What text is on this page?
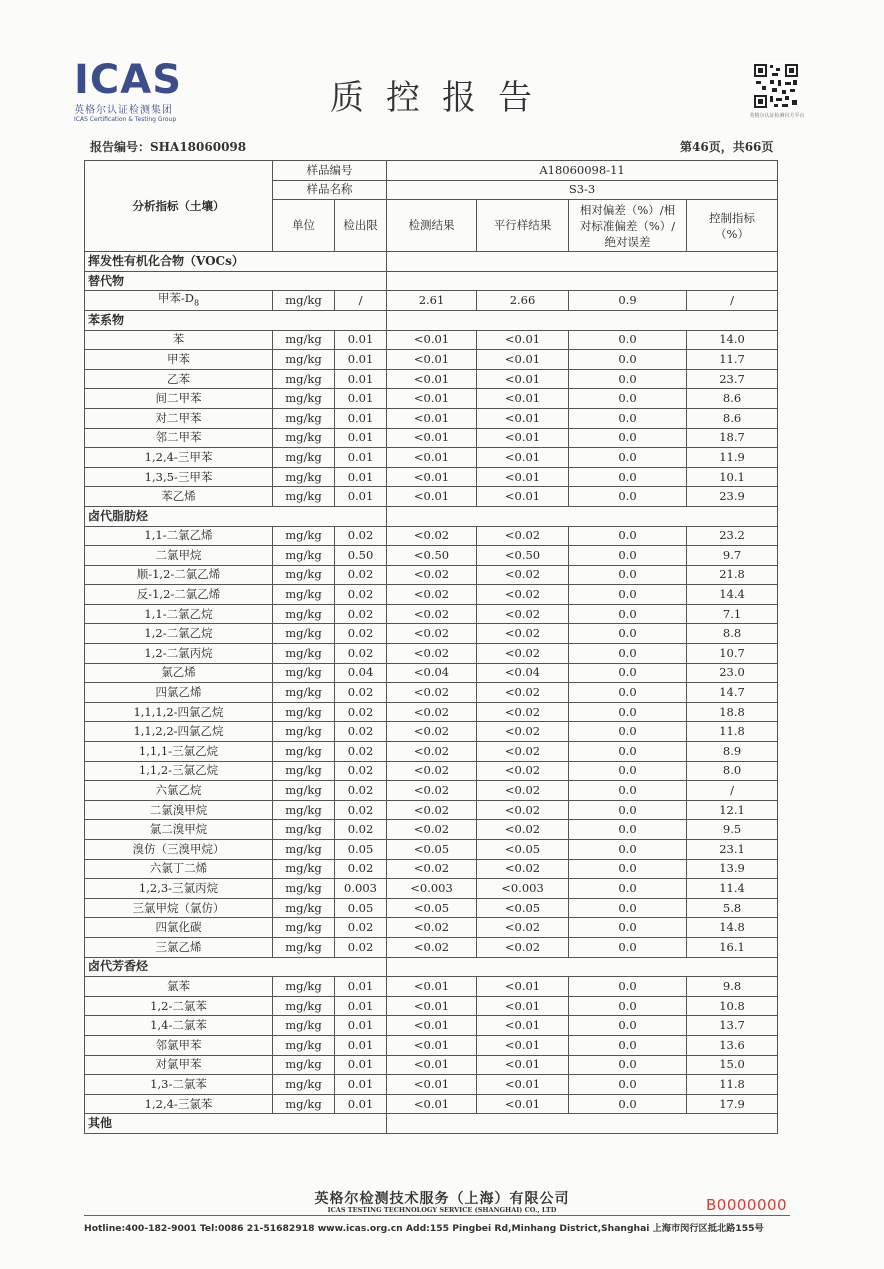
ICAS
英格尔认证检测集团
ICAS Certification & Testing Group
质控报告	英格尔认证检测官方平台
报告编号：SHA18060098	第46页，共66页
分析指标（土壤）	样品编号		A18060098-11			
	样品名称		S3-3			
	单位	检出限	检测结果	平行样结果	相对偏差（%）/相对标准偏差（%）/绝对误差	控制指标（%）
挥发性有机化合物（VOCs）						
替代物						
甲苯$-D_8$	mg/kg	/	2.61	2.66	0.9	/
苯系物						
苯	mg/kg	0.01	<0.01	<0.01	0.0	14.0
甲苯	mg/kg	0.01	<0.01	<0.01	0.0	11.7
乙苯	mg/kg	0.01	<0.01	<0.01	0.0	23.7
间二甲苯	mg/kg	0.01	<0.01	<0.01	0.0	8.6
对二甲苯	mg/kg	0.01	<0.01	<0.01	0.0	8.6
邻二甲苯	mg/kg	0.01	<0.01	<0.01	0.0	18.7
1,2,4-三甲苯	mg/kg	0.01	<0.01	<0.01	0.0	11.9
1,3,5-三甲苯	mg/kg	0.01	<0.01	<0.01	0.0	10.1
苯乙烯	mg/kg	0.01	<0.01	<0.01	0.0	23.9
卤代脂肪烃						
1,1-二氯乙烯	mg/kg	0.02	<0.02	<0.02	0.0	23.2
二氯甲烷	mg/kg	0.50	<0.50	<0.50	0.0	9.7
顺-1,2-二氯乙烯	mg/kg	0.02	<0.02	<0.02	0.0	21.8
反-1,2-二氯乙烯	mg/kg	0.02	<0.02	<0.02	0.0	14.4
1,1-二氯乙烷	mg/kg	0.02	<0.02	<0.02	0.0	7.1
1,2-二氯乙烷	mg/kg	0.02	<0.02	<0.02	0.0	8.8
1,2-二氯丙烷	mg/kg	0.02	<0.02	<0.02	0.0	10.7
氯乙烯	mg/kg	0.04	<0.04	<0.04	0.0	23.0
四氯乙烯	mg/kg	0.02	<0.02	<0.02	0.0	14.7
1,1,1,2-四氯乙烷	mg/kg	0.02	<0.02	<0.02	0.0	18.8
1,1,2,2-四氯乙烷	mg/kg	0.02	<0.02	<0.02	0.0	11.8
1,1,1-三氯乙烷	mg/kg	0.02	<0.02	<0.02	0.0	8.9
1,1,2-三氯乙烷	mg/kg	0.02	<0.02	<0.02	0.0	8.0
六氯乙烷	mg/kg	0.02	<0.02	<0.02	0.0	/
二氯溴甲烷	mg/kg	0.02	<0.02	<0.02	0.0	12.1
氯二溴甲烷	mg/kg	0.02	<0.02	<0.02	0.0	9.5
溴仿（三溴甲烷）	mg/kg	0.05	<0.05	<0.05	0.0	23.1
六氯丁二烯	mg/kg	0.02	<0.02	<0.02	0.0	13.9
1,2,3-三氯丙烷	mg/kg	0.003	<0.003	<0.003	0.0	11.4
三氯甲烷（氯仿）	mg/kg	0.05	<0.05	<0.05	0.0	5.8
四氯化碳	mg/kg	0.02	<0.02	<0.02	0.0	14.8
三氯乙烯	mg/kg	0.02	<0.02	<0.02	0.0	16.1
卤代芳香烃						
氯苯	mg/kg	0.01	<0.01	<0.01	0.0	9.8
1,2-二氯苯	mg/kg	0.01	<0.01	<0.01	0.0	10.8
1,4-二氯苯	mg/kg	0.01	<0.01	<0.01	0.0	13.7
邻氯甲苯	mg/kg	0.01	<0.01	<0.01	0.0	13.6
对氯甲苯	mg/kg	0.01	<0.01	<0.01	0.0	15.0
1,3-二氯苯	mg/kg	0.01	<0.01	<0.01	0.0	11.8
1,2,4-三氯苯	mg/kg	0.01	<0.01	<0.01	0.0	17.9
其他						
B0000000
英格尔检测技术服务（上海）有限公司
ICAS TESTING TECHNOLOGY SERVICE (SHANGHAI) CO., LTD
Hotline:400-182-9001 Tel:0086 21-51682918 www.icas.org.cn Add:155 Pingbei Rd,Minhang District,Shanghai 上海市闵行区抵北路155号
